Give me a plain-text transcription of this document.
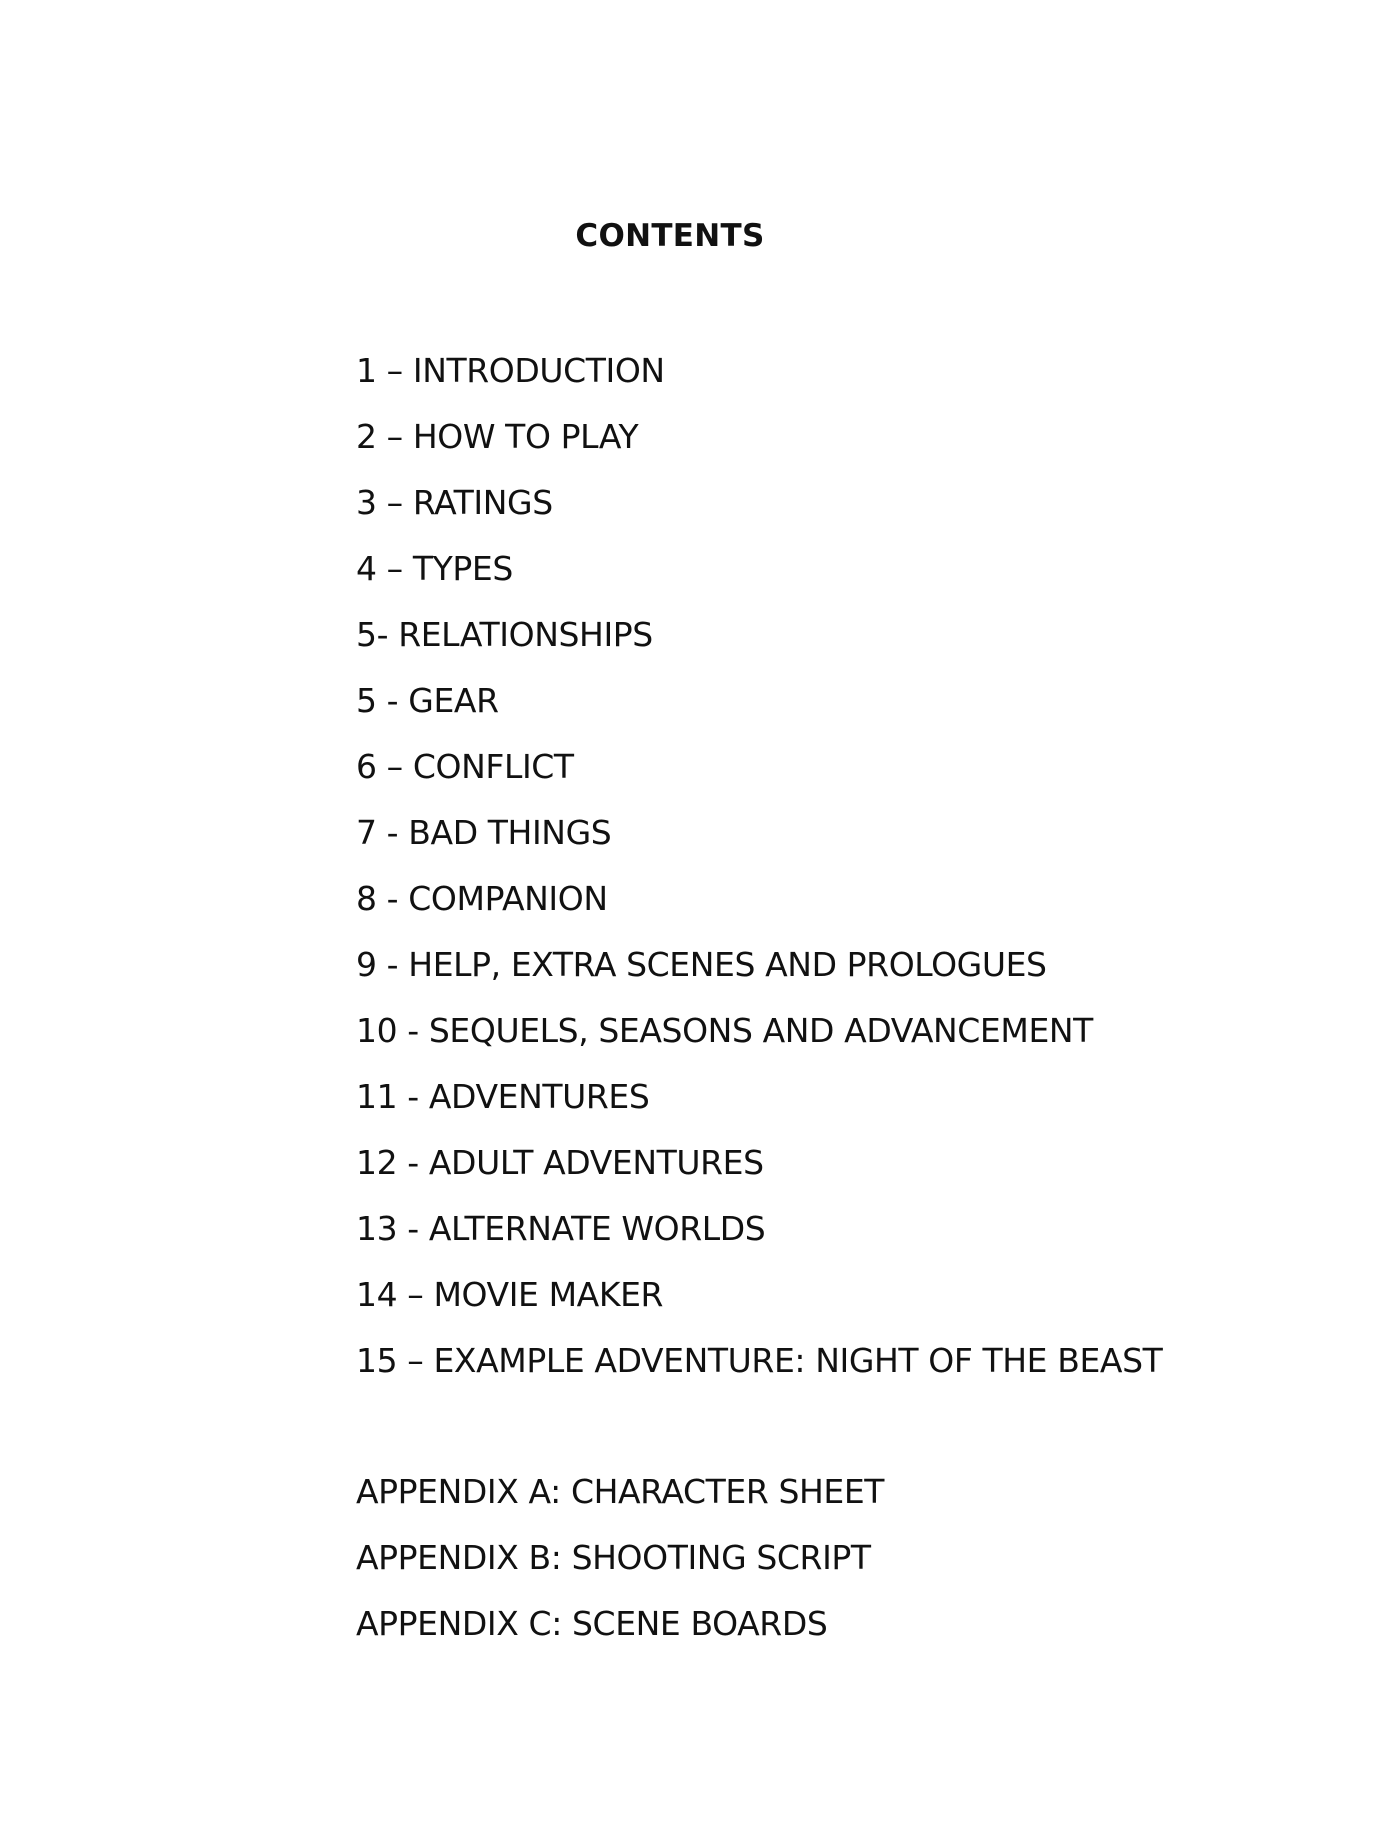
CONTENTS
1 – INTRODUCTION
2 – HOW TO PLAY
3 – RATINGS
4 – TYPES
5- RELATIONSHIPS
5 - GEAR
6 – CONFLICT
7 - BAD THINGS
8 - COMPANION
9 - HELP, EXTRA SCENES AND PROLOGUES
10 - SEQUELS, SEASONS AND ADVANCEMENT
11 - ADVENTURES
12 - ADULT ADVENTURES
13 - ALTERNATE WORLDS
14 – MOVIE MAKER
15 – EXAMPLE ADVENTURE: NIGHT OF THE BEAST
APPENDIX A: CHARACTER SHEET
APPENDIX B: SHOOTING SCRIPT
APPENDIX C: SCENE BOARDS
